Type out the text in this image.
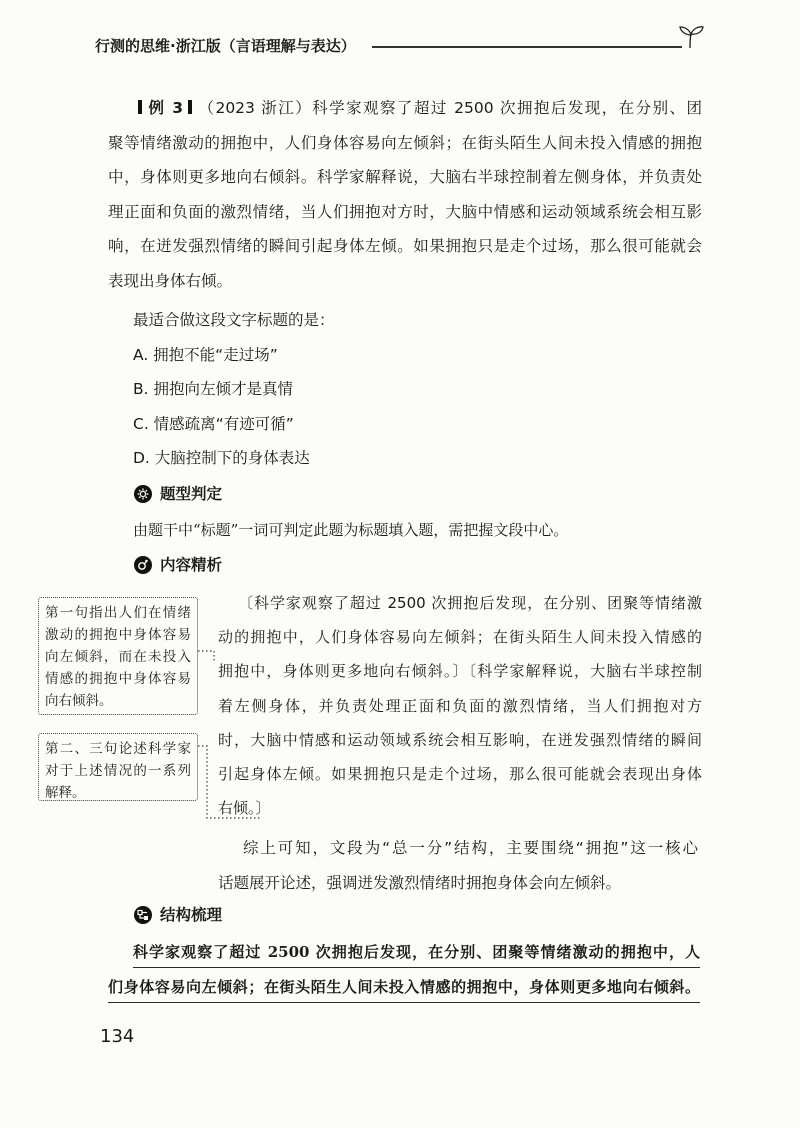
行测的思维·浙江版（言语理解与表达）
例 3 （2023 浙江）科学家观察了超过 2500 次拥抱后发现，在分别、团
聚等情绪激动的拥抱中，人们身体容易向左倾斜；在街头陌生人间未投入情感的拥抱
中，身体则更多地向右倾斜。科学家解释说，大脑右半球控制着左侧身体，并负责处
理正面和负面的激烈情绪，当人们拥抱对方时，大脑中情感和运动领域系统会相互影
响，在迸发强烈情绪的瞬间引起身体左倾。如果拥抱只是走个过场，那么很可能就会
表现出身体右倾。
最适合做这段文字标题的是：
A. 拥抱不能“走过场”
B. 拥抱向左倾才是真情
C. 情感疏离“有迹可循”
D. 大脑控制下的身体表达
题型判定
由题干中“标题”一词可判定此题为标题填入题，需把握文段中心。
内容精析
〔科学家观察了超过 2500 次拥抱后发现，在分别、团聚等情绪激
动的拥抱中，人们身体容易向左倾斜；在街头陌生人间未投入情感的
拥抱中，身体则更多地向右倾斜。〕〔科学家解释说，大脑右半球控制
着左侧身体，并负责处理正面和负面的激烈情绪，当人们拥抱对方
时，大脑中情感和运动领域系统会相互影响，在迸发强烈情绪的瞬间
引起身体左倾。如果拥抱只是走个过场，那么很可能就会表现出身体
右倾。〕
第一句指出人们在情绪
激动的拥抱中身体容易
向左倾斜，而在未投入
情感的拥抱中身体容易
向右倾斜。
第二、三句论述科学家
对于上述情况的一系列
解释。
综上可知，文段为“总一分”结构，主要围绕“拥抱”这一核心
话题展开论述，强调迸发激烈情绪时拥抱身体会向左倾斜。
结构梳理
科学家观察了超过 2500 次拥抱后发现，在分别、团聚等情绪激动的拥抱中，人
们身体容易向左倾斜；在街头陌生人间未投入情感的拥抱中，身体则更多地向右倾斜。
134
